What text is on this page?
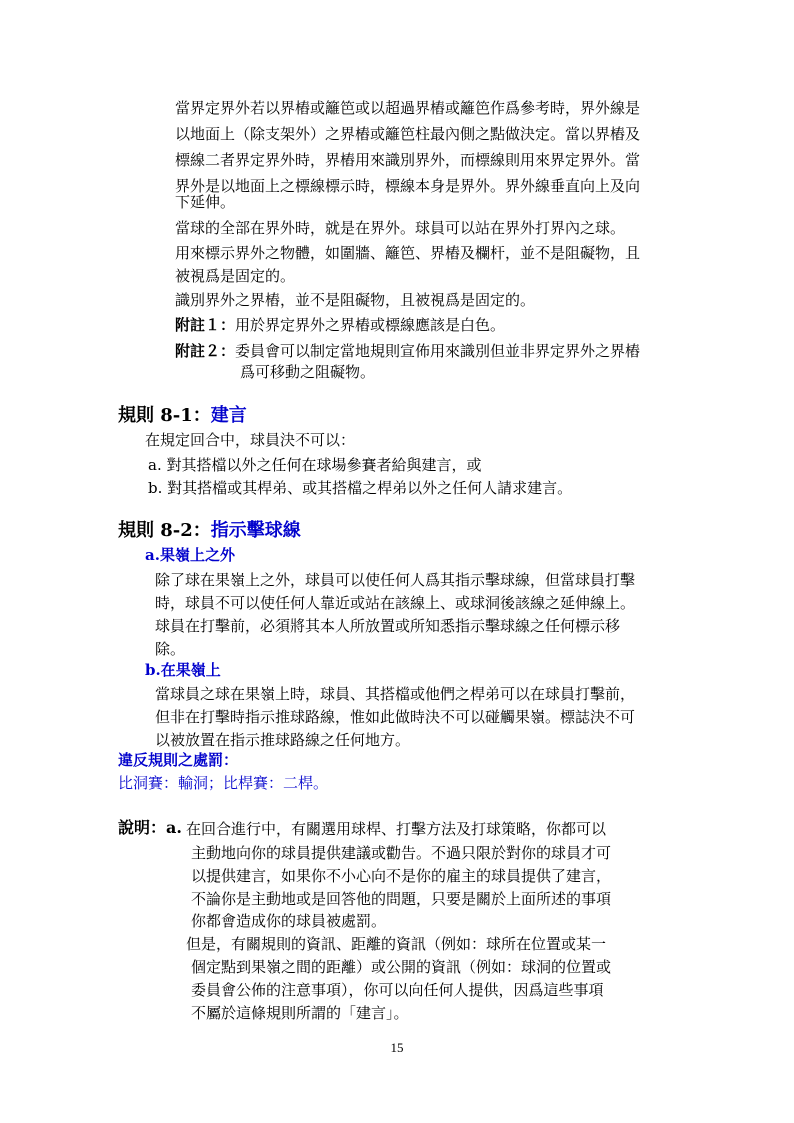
當界定界外若以界樁或籬笆或以超過界樁或籬笆作爲參考時，界外線是
以地面上（除支架外）之界樁或籬笆柱最內側之點做決定。當以界樁及
標線二者界定界外時，界樁用來識別界外，而標線則用來界定界外。當
界外是以地面上之標線標示時，標線本身是界外。界外線垂直向上及向
下延伸。
當球的全部在界外時，就是在界外。球員可以站在界外打界內之球。
用來標示界外之物體，如圍牆、籬笆、界樁及欄杆，並不是阻礙物，且
被視爲是固定的。
識別界外之界樁，並不是阻礙物，且被視爲是固定的。
附註１：用於界定界外之界樁或標線應該是白色。
附註２：委員會可以制定當地規則宣佈用來識別但並非界定界外之界樁
爲可移動之阻礙物。
規則 8-1：建言
在規定回合中，球員決不可以：
a. 對其搭檔以外之任何在球場參賽者給與建言，或
b. 對其搭檔或其桿弟、或其搭檔之桿弟以外之任何人請求建言。
規則 8-2：指示擊球線
a.果嶺上之外
除了球在果嶺上之外，球員可以使任何人爲其指示擊球線，但當球員打擊
時，球員不可以使任何人靠近或站在該線上、或球洞後該線之延伸線上。
球員在打擊前，必須將其本人所放置或所知悉指示擊球線之任何標示移
除。
b.在果嶺上
當球員之球在果嶺上時，球員、其搭檔或他們之桿弟可以在球員打擊前，
但非在打擊時指示推球路線，惟如此做時決不可以碰觸果嶺。標誌決不可
以被放置在指示推球路線之任何地方。
違反規則之處罰：
比洞賽：輸洞；比桿賽：二桿。
說明：a. 在回合進行中，有關選用球桿、打擊方法及打球策略，你都可以
主動地向你的球員提供建議或勸告。不過只限於對你的球員才可
以提供建言，如果你不小心向不是你的雇主的球員提供了建言，
不論你是主動地或是回答他的問題，只要是關於上面所述的事項
你都會造成你的球員被處罰。
但是，有關規則的資訊、距離的資訊（例如：球所在位置或某一
個定點到果嶺之間的距離）或公開的資訊（例如：球洞的位置或
委員會公佈的注意事項），你可以向任何人提供，因爲這些事項
不屬於這條規則所謂的「建言」。
15
